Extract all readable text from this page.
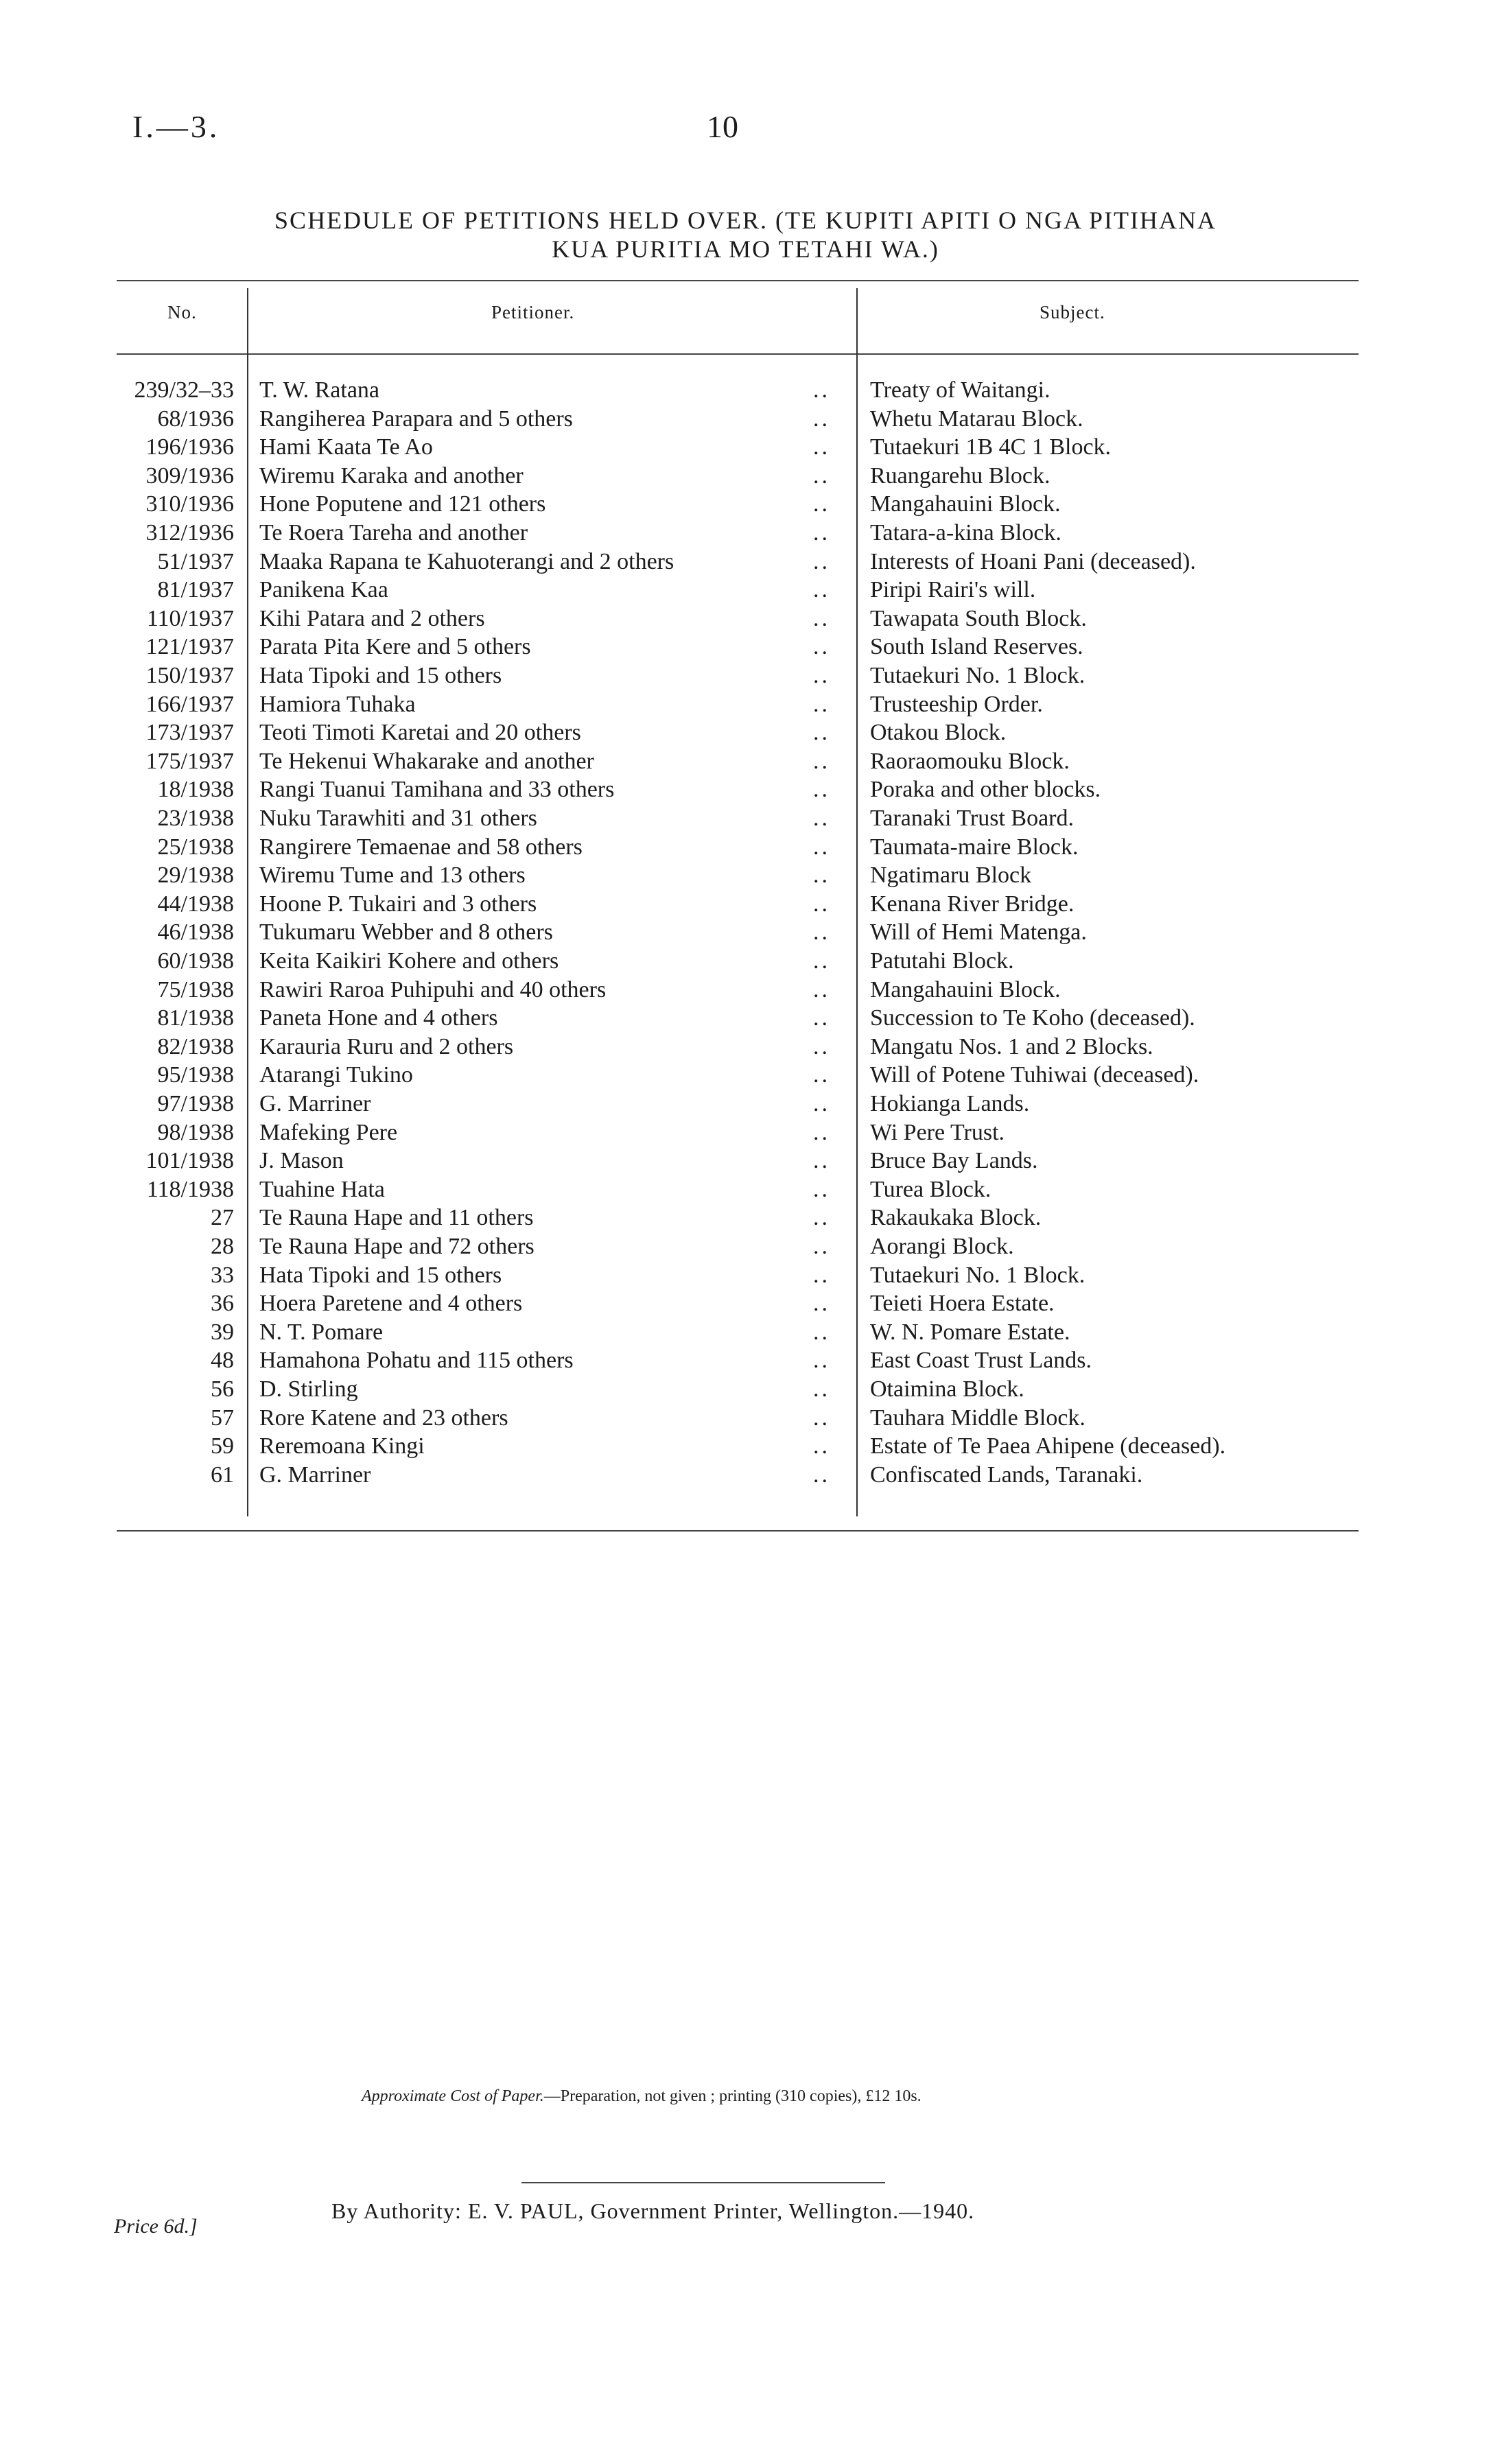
I.—3.	10
SCHEDULE OF PETITIONS HELD OVER. (TE KUPITI APITI O NGA PITIHANA
KUA PURITIA MO TETAHI WA.)
No.	Petitioner.	Subject.
239/32–33 T. W. Ratana	.. Treaty of Waitangi.
68/1936 Rangiherea Parapara and 5 others	.. Whetu Matarau Block.
196/1936 Hami Kaata Te Ao	.. Tutaekuri 1B 4C 1 Block.
309/1936 Wiremu Karaka and another	.. Ruangarehu Block.
310/1936 Hone Poputene and 121 others	.. Mangahauini Block.
312/1936 Te Roera Tareha and another	.. Tatara-a-kina Block.
51/1937 Maaka Rapana te Kahuoterangi and 2 others	.. Interests of Hoani Pani (deceased).
81/1937 Panikena Kaa	.. Piripi Rairi's will.
110/1937 Kihi Patara and 2 others	.. Tawapata South Block.
121/1937 Parata Pita Kere and 5 others	.. South Island Reserves.
150/1937 Hata Tipoki and 15 others	.. Tutaekuri No. 1 Block.
166/1937 Hamiora Tuhaka	.. Trusteeship Order.
173/1937 Teoti Timoti Karetai and 20 others	.. Otakou Block.
175/1937 Te Hekenui Whakarake and another	.. Raoraomouku Block.
18/1938 Rangi Tuanui Tamihana and 33 others	.. Poraka and other blocks.
23/1938 Nuku Tarawhiti and 31 others	.. Taranaki Trust Board.
25/1938 Rangirere Temaenae and 58 others	.. Taumata-maire Block.
29/1938 Wiremu Tume and 13 others	.. Ngatimaru Block
44/1938 Hoone P. Tukairi and 3 others	.. Kenana River Bridge.
46/1938 Tukumaru Webber and 8 others	.. Will of Hemi Matenga.
60/1938 Keita Kaikiri Kohere and others	.. Patutahi Block.
75/1938 Rawiri Raroa Puhipuhi and 40 others	.. Mangahauini Block.
81/1938 Paneta Hone and 4 others	.. Succession to Te Koho (deceased).
82/1938 Karauria Ruru and 2 others	.. Mangatu Nos. 1 and 2 Blocks.
95/1938 Atarangi Tukino	.. Will of Potene Tuhiwai (deceased).
97/1938 G. Marriner	.. Hokianga Lands.
98/1938 Mafeking Pere	.. Wi Pere Trust.
101/1938 J. Mason	.. Bruce Bay Lands.
118/1938 Tuahine Hata	.. Turea Block.
27 Te Rauna Hape and 11 others	.. Rakaukaka Block.
28 Te Rauna Hape and 72 others	.. Aorangi Block.
33 Hata Tipoki and 15 others	.. Tutaekuri No. 1 Block.
36 Hoera Paretene and 4 others	.. Teieti Hoera Estate.
39 N. T. Pomare	.. W. N. Pomare Estate.
48 Hamahona Pohatu and 115 others	.. East Coast Trust Lands.
56 D. Stirling	.. Otaimina Block.
57 Rore Katene and 23 others	.. Tauhara Middle Block.
59 Reremoana Kingi	.. Estate of Te Paea Ahipene (deceased).
61 G. Marriner	.. Confiscated Lands, Taranaki.
Approximate Cost of Paper.—Preparation, not given ; printing (310 copies), £12 10s.
By Authority: E. V. PAUL, Government Printer, Wellington.—1940.
Price 6d.]
